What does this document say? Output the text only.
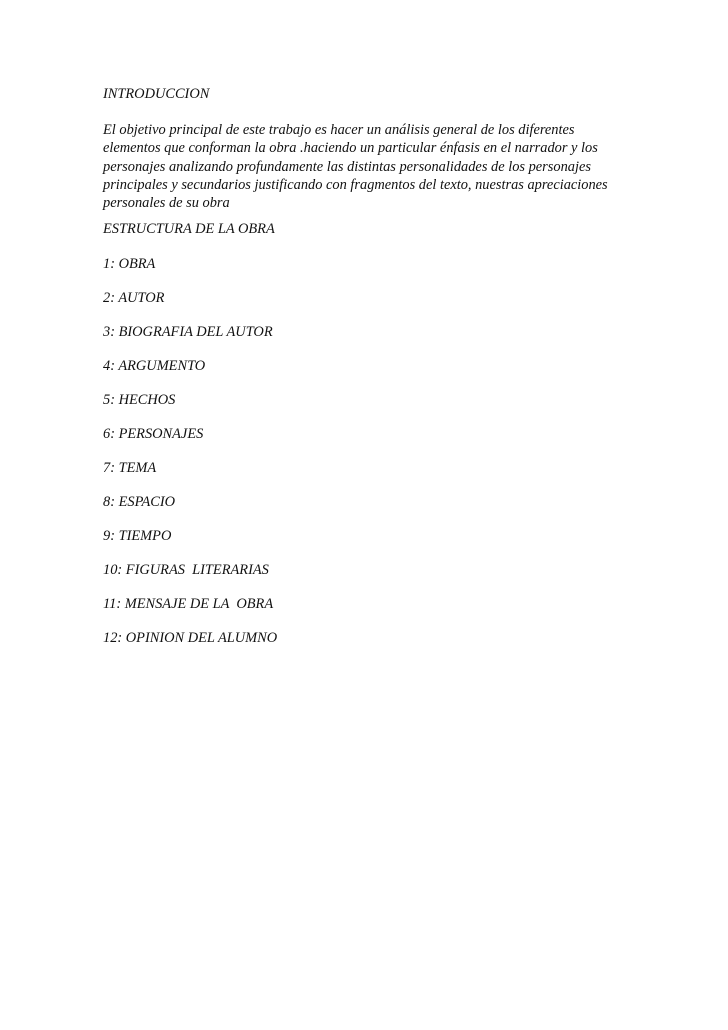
INTRODUCCION

El objetivo principal de este trabajo es hacer un análisis general de los diferentes
elementos que conforman la obra .haciendo un particular énfasis en el narrador y los
personajes analizando profundamente las distintas personalidades de los personajes
principales y secundarios justificando con fragmentos del texto, nuestras apreciaciones
personales de su obra

ESTRUCTURA DE LA OBRA
1: OBRA
2: AUTOR
3: BIOGRAFIA DEL AUTOR
4: ARGUMENTO
5: HECHOS
6: PERSONAJES
7: TEMA
8: ESPACIO
9: TIEMPO
10: FIGURAS  LITERARIAS
11: MENSAJE DE LA  OBRA
12: OPINION DEL ALUMNO
